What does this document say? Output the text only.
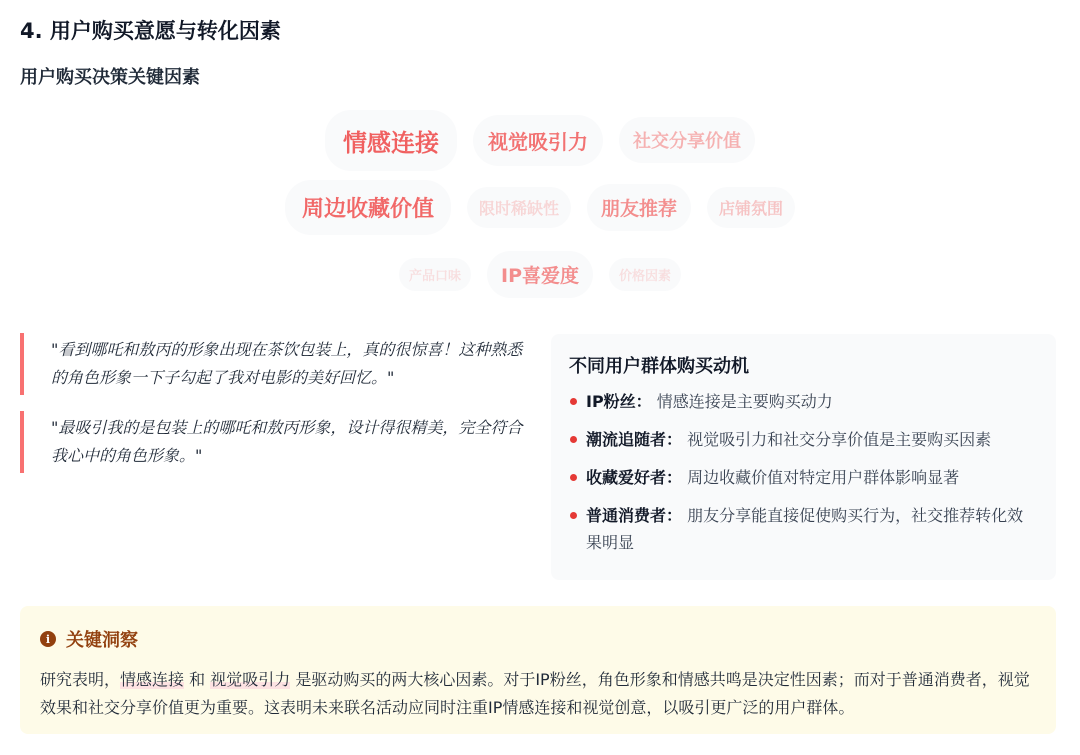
4. 用户购买意愿与转化因素
用户购买决策关键因素
情感连接	视觉吸引力	社交分享价值
周边收藏价值	限时稀缺性	朋友推荐	店铺氛围
产品口味	IP喜爱度	价格因素
"看到哪吒和敖丙的形象出现在茶饮包装上，真的很惊喜！这种熟悉的角色形象一下子勾起了我对电影的美好回忆。"
"最吸引我的是包装上的哪吒和敖丙形象，设计得很精美，完全符合我心中的角色形象。"
不同用户群体购买动机
IP粉丝： 情感连接是主要购买动力
潮流追随者： 视觉吸引力和社交分享价值是主要购买因素
收藏爱好者： 周边收藏价值对特定用户群体影响显著
普通消费者： 朋友分享能直接促使购买行为，社交推荐转化效果明显
i 关键洞察
研究表明，情感连接 和 视觉吸引力 是驱动购买的两大核心因素。对于IP粉丝，角色形象和情感共鸣是决定性因素；而对于普通消费者，视觉效果和社交分享价值更为重要。这表明未来联名活动应同时注重IP情感连接和视觉创意，以吸引更广泛的用户群体。
